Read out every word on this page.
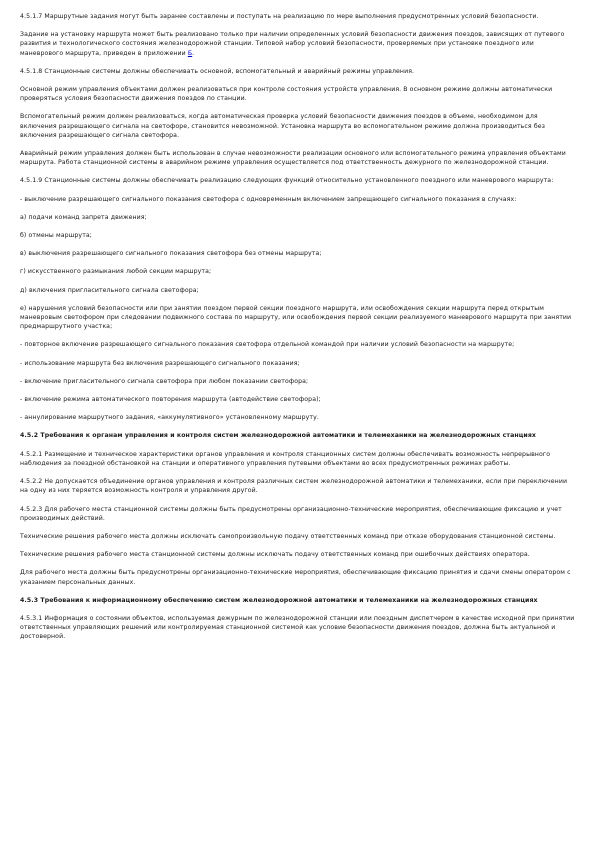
4.5.1.7 Маршрутные задания могут быть заранее составлены и поступать на реализацию по мере выполнения предусмотренных условий безопасности.

Задание на установку маршрута может быть реализовано только при наличии определенных условий безопасности движения поездов, зависящих от путевого развития и технологического состояния железнодорожной станции. Типовой набор условий безопасности, проверяемых при установке поездного или маневрового маршрута, приведен в приложении Б.

4.5.1.8 Станционные системы должны обеспечивать основной, вспомогательный и аварийный режимы управления.

Основной режим управления объектами должен реализоваться при контроле состояния устройств управления. В основном режиме должны автоматически проверяться условия безопасности движения поездов по станции.

Вспомогательный режим должен реализоваться, когда автоматическая проверка условий безопасности движения поездов в объеме, необходимом для включения разрешающего сигнала на светофоре, становится невозможной. Установка маршрута во вспомогательном режиме должна производиться без включения разрешающего сигнала светофора.

Аварийный режим управления должен быть использован в случае невозможности реализации основного или вспомогательного режима управления объектами маршрута. Работа станционной системы в аварийном режиме управления осуществляется под ответственность дежурного по железнодорожной станции.

4.5.1.9 Станционные системы должны обеспечивать реализацию следующих функций относительно установленного поездного или маневрового маршрута:

- выключение разрешающего сигнального показания светофора с одновременным включением запрещающего сигнального показания в случаях:

а) подачи команд запрета движения;

б) отмены маршрута;

в) выключения разрешающего сигнального показания светофора без отмены маршрута;

г) искусственного размыкания любой секции маршрута;

д) включения пригласительного сигнала светофора;

е) нарушения условий безопасности или при занятии поездом первой секции поездного маршрута, или освобождения секции маршрута перед открытым маневровым светофором при следовании подвижного состава по маршруту, или освобождения первой секции реализуемого маневрового маршрута при занятии предмаршрутного участка;

- повторное включение разрешающего сигнального показания светофора отдельной командой при наличии условий безопасности на маршруте;

- использование маршрута без включения разрешающего сигнального показания;

- включение пригласительного сигнала светофора при любом показании светофора;

- включение режима автоматического повторения маршрута (автодействие светофора);

- аннулирование маршрутного задания, «аккумулятивного» установленному маршруту.

4.5.2 Требования к органам управления и контроля систем железнодорожной автоматики и телемеханики на железнодорожных станциях

4.5.2.1 Размещение и техническое характеристики органов управления и контроля станционных систем должны обеспечивать возможность непрерывного наблюдения за поездной обстановкой на станции и оперативного управления путевыми объектами во всех предусмотренных режимах работы.

4.5.2.2 Не допускается объединение органов управления и контроля различных систем железнодорожной автоматики и телемеханики, если при переключении на одну из них теряется возможность контроля и управления другой.

4.5.2.3 Для рабочего места станционной системы должны быть предусмотрены организационно-технические мероприятия, обеспечивающие фиксацию и учет производимых действий.

Технические решения рабочего места должны исключать самопроизвольную подачу ответственных команд при отказе оборудования станционной системы.

Технические решения рабочего места станционной системы должны исключать подачу ответственных команд при ошибочных действиях оператора.

Для рабочего места должны быть предусмотрены организационно-технические мероприятия, обеспечивающие фиксацию принятия и сдачи смены оператором с указанием персональных данных.

4.5.3 Требования к информационному обеспечению систем железнодорожной автоматики и телемеханики на железнодорожных станциях

4.5.3.1 Информация о состоянии объектов, используемая дежурным по железнодорожной станции или поездным диспетчером в качестве исходной при принятии ответственных управляющих решений или контролируемая станционной системой как условие безопасности движения поездов, должна быть актуальной и достоверной.
